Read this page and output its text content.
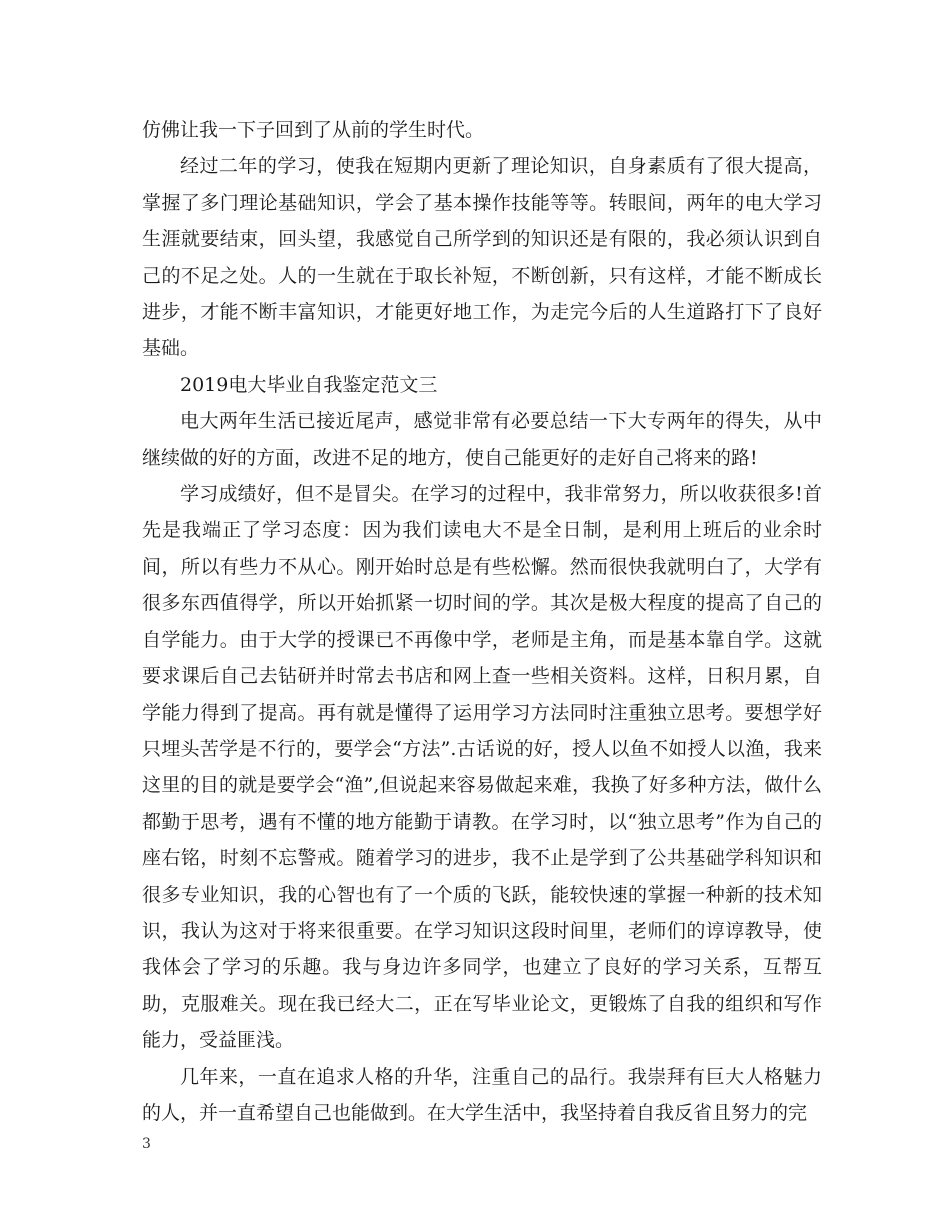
仿佛让我一下子回到了从前的学生时代。

经过二年的学习，使我在短期内更新了理论知识，自身素质有了很大提高，掌握了多门理论基础知识，学会了基本操作技能等等。转眼间，两年的电大学习生涯就要结束，回头望，我感觉自己所学到的知识还是有限的，我必须认识到自己的不足之处。人的一生就在于取长补短，不断创新，只有这样，才能不断成长进步，才能不断丰富知识，才能更好地工作，为走完今后的人生道路打下了良好基础。

2019电大毕业自我鉴定范文三

电大两年生活已接近尾声，感觉非常有必要总结一下大专两年的得失，从中继续做的好的方面，改进不足的地方，使自己能更好的走好自己将来的路!

学习成绩好，但不是冒尖。在学习的过程中，我非常努力，所以收获很多!首先是我端正了学习态度：因为我们读电大不是全日制，是利用上班后的业余时间，所以有些力不从心。刚开始时总是有些松懈。然而很快我就明白了，大学有很多东西值得学，所以开始抓紧一切时间的学。其次是极大程度的提高了自己的自学能力。由于大学的授课已不再像中学，老师是主角，而是基本靠自学。这就要求课后自己去钻研并时常去书店和网上查一些相关资料。这样，日积月累，自学能力得到了提高。再有就是懂得了运用学习方法同时注重独立思考。要想学好只埋头苦学是不行的，要学会“方法”.古话说的好，授人以鱼不如授人以渔，我来这里的目的就是要学会“渔”,但说起来容易做起来难，我换了好多种方法，做什么都勤于思考，遇有不懂的地方能勤于请教。在学习时，以“独立思考”作为自己的座右铭，时刻不忘警戒。随着学习的进步，我不止是学到了公共基础学科知识和很多专业知识，我的心智也有了一个质的飞跃，能较快速的掌握一种新的技术知识，我认为这对于将来很重要。在学习知识这段时间里，老师们的谆谆教导，使我体会了学习的乐趣。我与身边许多同学，也建立了良好的学习关系，互帮互助，克服难关。现在我已经大二，正在写毕业论文，更锻炼了自我的组织和写作能力，受益匪浅。

几年来，一直在追求人格的升华，注重自己的品行。我崇拜有巨大人格魅力的人，并一直希望自己也能做到。在大学生活中，我坚持着自我反省且努力的完

3
